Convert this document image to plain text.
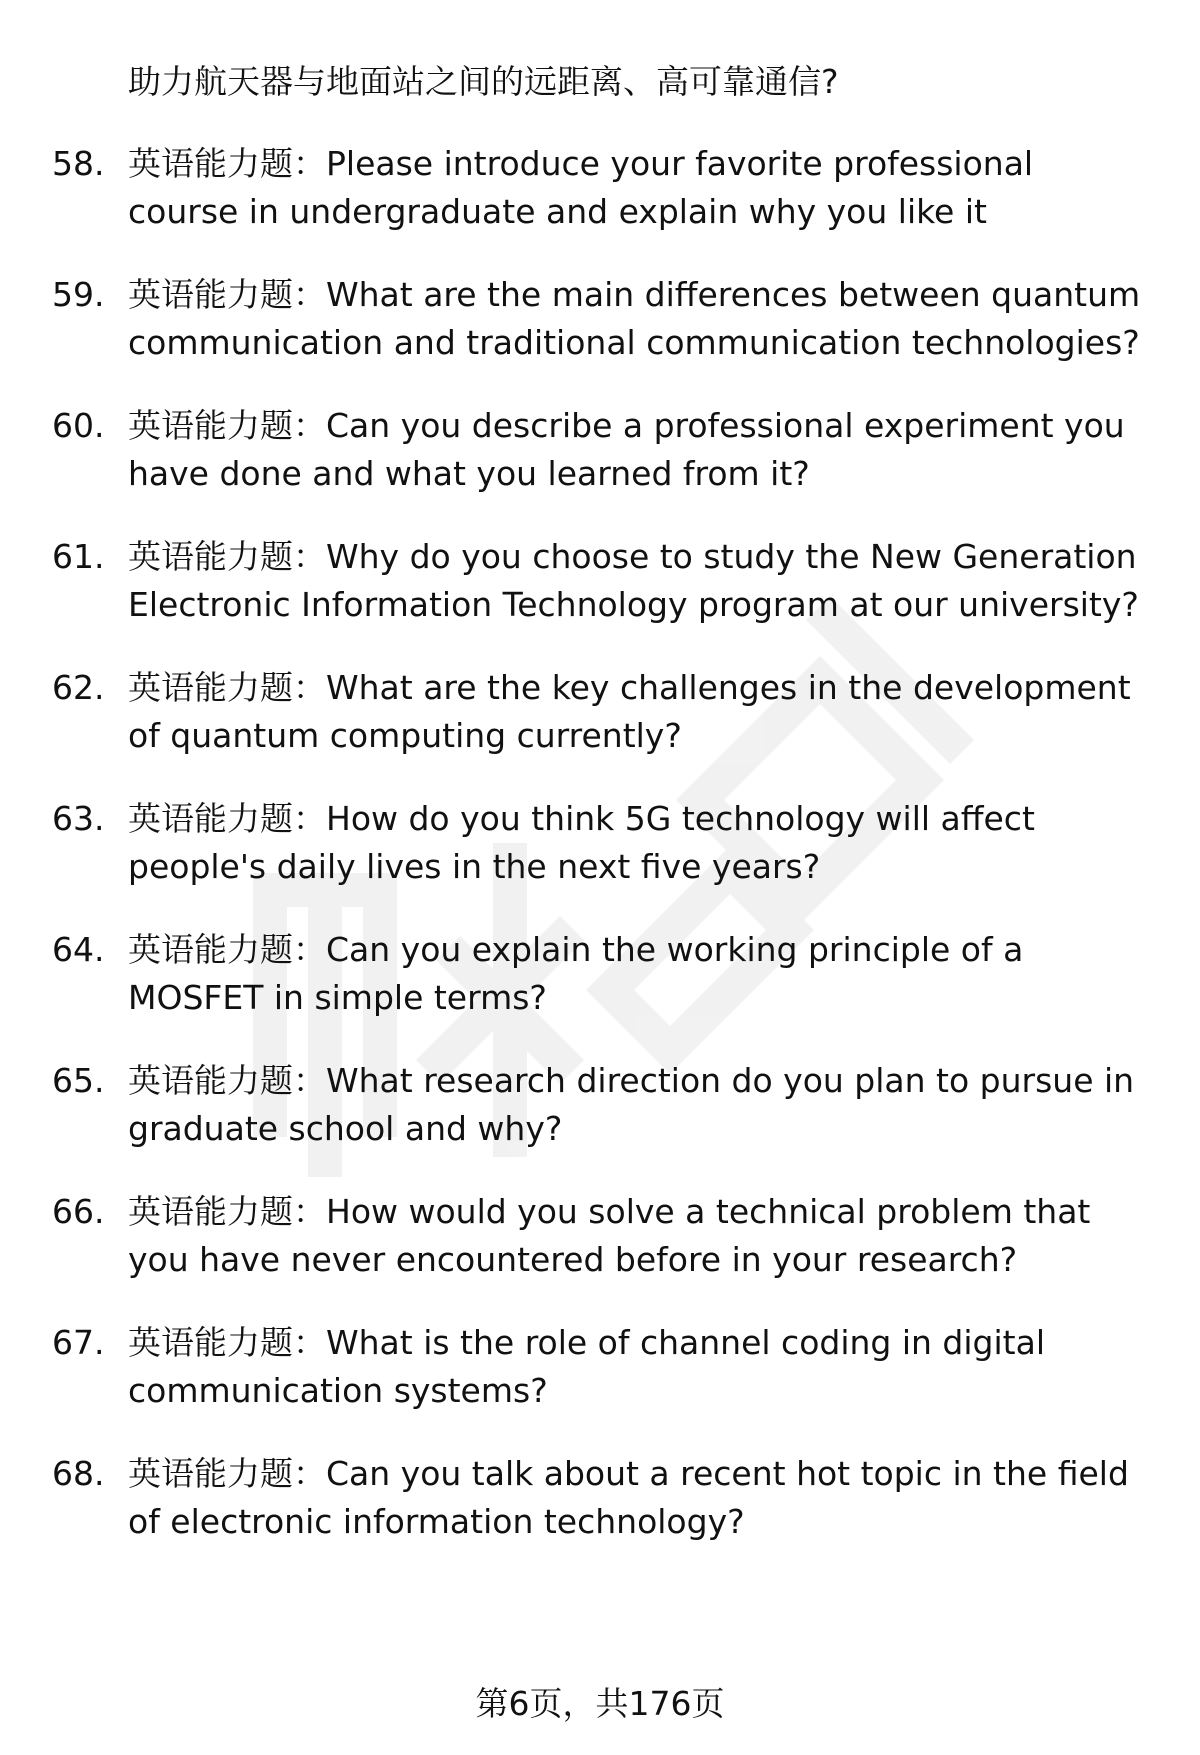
助力航天器与地面站之间的远距离、高可靠通信?
58. 英语能力题：Please introduce your favorite professional course in undergraduate and explain why you like it
59. 英语能力题：What are the main differences between quantum communication and traditional communication technologies?
60. 英语能力题：Can you describe a professional experiment you have done and what you learned from it?
61. 英语能力题：Why do you choose to study the New Generation Electronic Information Technology program at our university?
62. 英语能力题：What are the key challenges in the development of quantum computing currently?
63. 英语能力题：How do you think 5G technology will affect people's daily lives in the next five years?
64. 英语能力题：Can you explain the working principle of a MOSFET in simple terms?
65. 英语能力题：What research direction do you plan to pursue in graduate school and why?
66. 英语能力题：How would you solve a technical problem that you have never encountered before in your research?
67. 英语能力题：What is the role of channel coding in digital communication systems?
68. 英语能力题：Can you talk about a recent hot topic in the field of electronic information technology?
第6页，共176页
